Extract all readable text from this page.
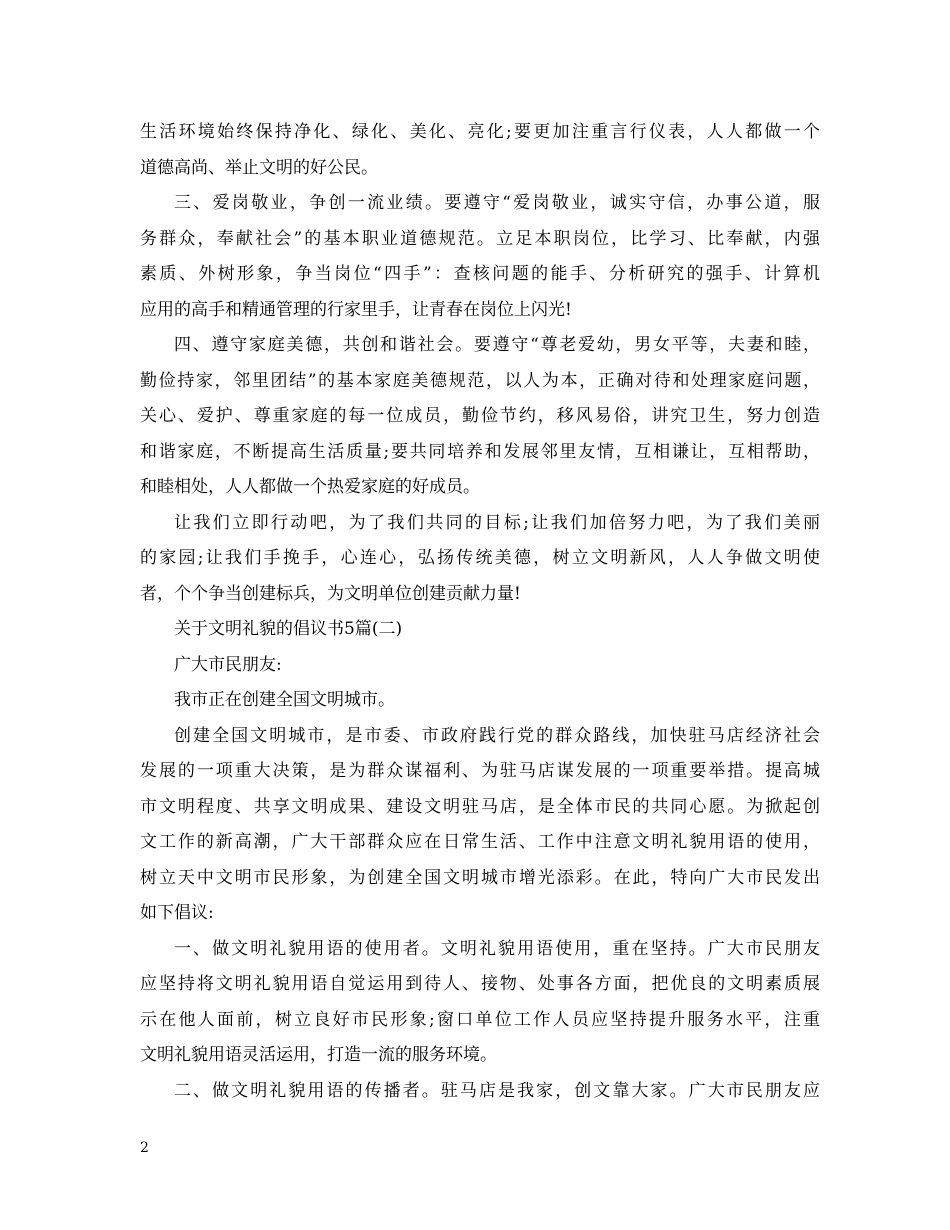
生活环境始终保持净化、绿化、美化、亮化;要更加注重言行仪表，人人都做一个
道德高尚、举止文明的好公民。
三、爱岗敬业，争创一流业绩。要遵守“爱岗敬业，诚实守信，办事公道，服
务群众，奉献社会”的基本职业道德规范。立足本职岗位，比学习、比奉献，内强
素质、外树形象，争当岗位“四手”：查核问题的能手、分析研究的强手、计算机
应用的高手和精通管理的行家里手，让青春在岗位上闪光!
四、遵守家庭美德，共创和谐社会。要遵守“尊老爱幼，男女平等，夫妻和睦，
勤俭持家，邻里团结”的基本家庭美德规范，以人为本，正确对待和处理家庭问题，
关心、爱护、尊重家庭的每一位成员，勤俭节约，移风易俗，讲究卫生，努力创造
和谐家庭，不断提高生活质量;要共同培养和发展邻里友情，互相谦让，互相帮助，
和睦相处，人人都做一个热爱家庭的好成员。
让我们立即行动吧，为了我们共同的目标;让我们加倍努力吧，为了我们美丽
的家园;让我们手挽手，心连心，弘扬传统美德，树立文明新风，人人争做文明使
者，个个争当创建标兵，为文明单位创建贡献力量!
关于文明礼貌的倡议书5篇(二)
广大市民朋友:
我市正在创建全国文明城市。
创建全国文明城市，是市委、市政府践行党的群众路线，加快驻马店经济社会
发展的一项重大决策，是为群众谋福利、为驻马店谋发展的一项重要举措。提高城
市文明程度、共享文明成果、建设文明驻马店，是全体市民的共同心愿。为掀起创
文工作的新高潮，广大干部群众应在日常生活、工作中注意文明礼貌用语的使用，
树立天中文明市民形象，为创建全国文明城市增光添彩。在此，特向广大市民发出
如下倡议:
一、做文明礼貌用语的使用者。文明礼貌用语使用，重在坚持。广大市民朋友
应坚持将文明礼貌用语自觉运用到待人、接物、处事各方面，把优良的文明素质展
示在他人面前，树立良好市民形象;窗口单位工作人员应坚持提升服务水平，注重
文明礼貌用语灵活运用，打造一流的服务环境。
二、做文明礼貌用语的传播者。驻马店是我家，创文靠大家。广大市民朋友应
2
